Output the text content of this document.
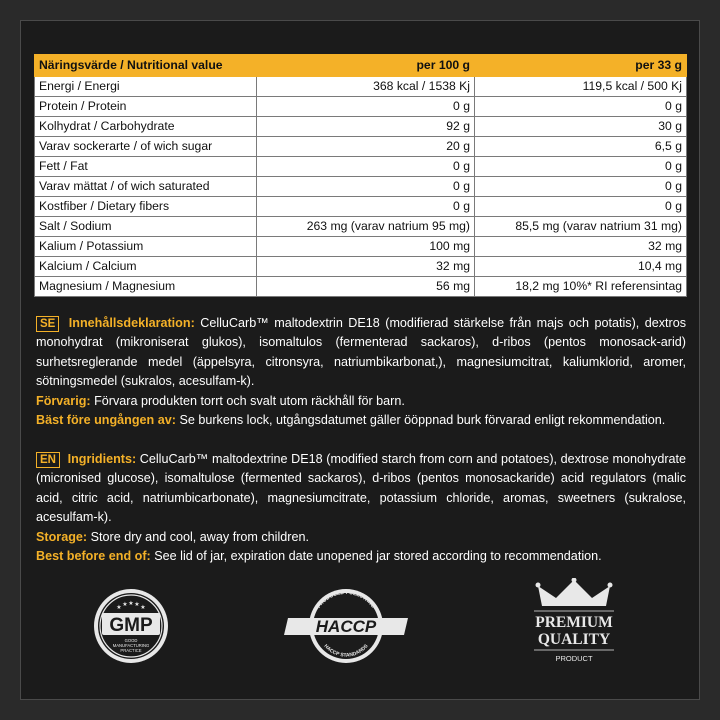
Näringsvärde / Nutritional value	per 100 g	per 33 g
Energi / Energi	368 kcal / 1538 Kj	119,5 kcal / 500 Kj
Protein / Protein	0 g	0 g
Kolhydrat / Carbohydrate	92 g	30 g
Varav sockerarte / of wich sugar	20 g	6,5 g
Fett / Fat	0 g	0 g
Varav mättat / of wich saturated	0 g	0 g
Kostfiber / Dietary fibers	0 g	0 g
Salt / Sodium	263 mg (varav natrium 95 mg)	85,5 mg (varav natrium 31 mg)
Kalium / Potassium	100 mg	32 mg
Kalcium / Calcium	32 mg	10,4 mg
Magnesium / Magnesium	56 mg	18,2 mg 10%* RI referensintag

SE Innehållsdeklaration: CelluCarb™ maltodextrin DE18 (modifierad stärkelse från majs och potatis), dextros monohydrat (mikroniserat glukos), isomaltulos (fermenterad sackaros), d-ribos (pentos monosack-arid) surhetsreglerande medel (äppelsyra, citronsyra, natriumbikarbonat,), magnesiumcitrat, kaliumklorid, aromer, sötningsmedel (sukralos, acesulfam-k).

Förvarig: Förvara produkten torrt och svalt utom räckhåll för barn.

Bäst före ungången av: Se burkens lock, utgångsdatumet gäller ööppnad burk förvarad enligt rekommendation.

EN Ingridients: CelluCarb™ maltodextrine DE18 (modified starch from corn and potatoes), dextrose monohydrate (micronised glucose), isomaltulose (fermented sackaros), d-ribos (pentos monosackaride) acid regulators (malic acid, citric acid, natriumbicarbonate), magnesiumcitrate, potassium chloride, aromas, sweetners (sukralose, acesulfam-k).

Storage: Store dry and cool, away from children.

Best before end of: See lid of jar, expiration date unopened jar stored according to recommendation.

★ ★ ★ ★ ★
GMP
GOOD
MANUFACTURING
PRACTICE
PRODUCED FOLLOWING
HACCP STANDARDS
HACCP	PREMIUM
QUALITY
PRODUCT
